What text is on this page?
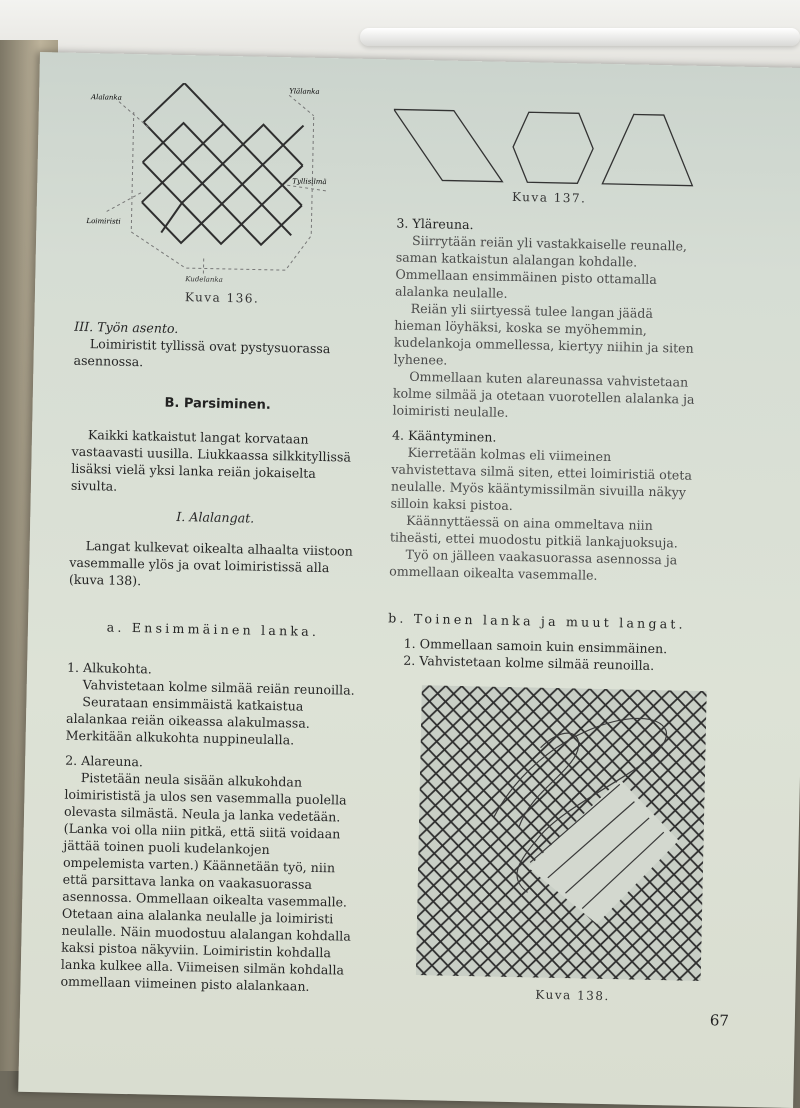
Alalanka
Ylälanka
Tyllisilmä
Loimiristi
Kudelanka
Kuva 136.
Kuva 137.

III. Työn asento.

Loimiristit tyllissä ovat pystysuorassa asennossa.

B. Parsiminen.

Kaikki katkaistut langat korvataan vastaavasti uusilla. Liukkaassa silkkityllissä lisäksi vielä yksi lanka reiän jokaiselta sivulta.

I. Alalangat.

Langat kulkevat oikealta alhaalta viistoon vasemmalle ylös ja ovat loimiristissä alla (kuva 138).

a. Ensimmäinen lanka.

1. Alkukohta.

Vahvistetaan kolme silmää reiän reunoilla.

Seurataan ensimmäistä katkaistua alalankaa reiän oikeassa alakulmassa. Merkitään alkukohta nuppineulalla.

2. Alareuna.

Pistetään neula sisään alkukohdan loimirististä ja ulos sen vasemmalla puolella olevasta silmästä. Neula ja lanka vedetään. (Lanka voi olla niin pitkä, että siitä voidaan jättää toinen puoli kudelankojen ompelemista varten.) Käännetään työ, niin että parsittava lanka on vaakasuorassa asennossa. Ommellaan oikealta vasemmalle. Otetaan aina alalanka neulalle ja loimiristi neulalle. Näin muodostuu alalangan kohdalla kaksi pistoa näkyviin. Loimiristin kohdalla lanka kulkee alla. Viimeisen silmän kohdalla ommellaan viimeinen pisto alalankaan.

3. Yläreuna.

Siirrytään reiän yli vastakkaiselle reunalle, saman katkaistun alalangan kohdalle. Ommellaan ensimmäinen pisto ottamalla alalanka neulalle.

Reiän yli siirtyessä tulee langan jäädä hieman löyhäksi, koska se myöhemmin, kudelankoja ommellessa, kiertyy niihin ja siten lyhenee.

Ommellaan kuten alareunassa vahvistetaan kolme silmää ja otetaan vuorotellen alalanka ja loimiristi neulalle.

4. Kääntyminen.

Kierretään kolmas eli viimeinen vahvistettava silmä siten, ettei loimiristiä oteta neulalle. Myös kääntymissilmän sivuilla näkyy silloin kaksi pistoa.

Käännyttäessä on aina ommeltava niin tiheästi, ettei muodostu pitkiä lankajuoksuja.

Työ on jälleen vaakasuorassa asennossa ja ommellaan oikealta vasemmalle.

b. Toinen lanka ja muut langat.

1. Ommellaan samoin kuin ensimmäinen.

2. Vahvistetaan kolme silmää reunoilla.

Kuva 138.
67
